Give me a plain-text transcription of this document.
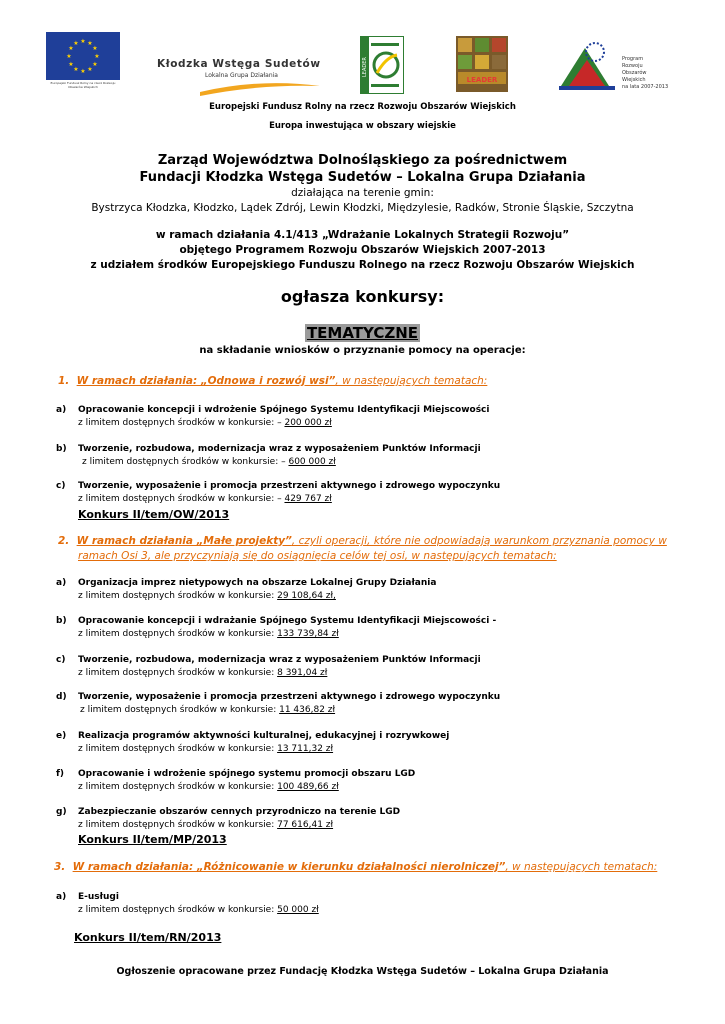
★ ★
★
★
★
★
★
★
★
★
★
★
Europejski Fundusz Rolny na rzecz Rozwoju Obszarów Wiejskich
Kłodzka Wstęga Sudetów
Lokalna Grupa Działania	LEADER
LEADER
Program
Rozwoju
Obszarów
Wiejskich
na lata 2007-2013
Europejski Fundusz Rolny na rzecz Rozwoju Obszarów Wiejskich
Europa inwestująca w obszary wiejskie
Zarząd Województwa Dolnośląskiego za pośrednictwem
Fundacji Kłodzka Wstęga Sudetów – Lokalna Grupa Działania
działająca na terenie gmin:
Bystrzyca Kłodzka, Kłodzko, Lądek Zdrój, Lewin Kłodzki, Międzylesie, Radków, Stronie Śląskie, Szczytna
w ramach działania 4.1/413 „Wdrażanie Lokalnych Strategii Rozwoju”
objętego Programem Rozwoju Obszarów Wiejskich 2007-2013
z udziałem środków Europejskiego Funduszu Rolnego na rzecz Rozwoju Obszarów Wiejskich
ogłasza konkursy:
TEMATYCZNE
na składanie wniosków o przyznanie pomocy na operacje:
1. W ramach działania: „Odnowa i rozwój wsi”, w następujących tematach:
a) Opracowanie koncepcji i wdrożenie Spójnego Systemu Identyfikacji Miejscowości
z limitem dostępnych środków w konkursie: – 200 000 zł
b) Tworzenie, rozbudowa, modernizacja wraz z wyposażeniem Punktów Informacji
z limitem dostępnych środków w konkursie: – 600 000 zł
c) Tworzenie, wyposażenie i promocja przestrzeni aktywnego i zdrowego wypoczynku
z limitem dostępnych środków w konkursie: – 429 767 zł
Konkurs II/tem/OW/2013
2. W ramach działania „Małe projekty”, czyli operacji, które nie odpowiadają warunkom przyznania pomocy w
ramach Osi 3, ale przyczyniają się do osiągnięcia celów tej osi, w następujących tematach:
a) Organizacja imprez nietypowych na obszarze Lokalnej Grupy Działania
z limitem dostępnych środków w konkursie: 29 108,64 zł,
b) Opracowanie koncepcji i wdrażanie Spójnego Systemu Identyfikacji Miejscowości -
z limitem dostępnych środków w konkursie: 133 739,84 zł
c) Tworzenie, rozbudowa, modernizacja wraz z wyposażeniem Punktów Informacji
z limitem dostępnych środków w konkursie: 8 391,04 zł
d) Tworzenie, wyposażenie i promocja przestrzeni aktywnego i zdrowego wypoczynku
z limitem dostępnych środków w konkursie: 11 436,82 zł
e) Realizacja programów aktywności kulturalnej, edukacyjnej i rozrywkowej
z limitem dostępnych środków w konkursie: 13 711,32 zł
f) Opracowanie i wdrożenie spójnego systemu promocji obszaru LGD
z limitem dostępnych środków w konkursie: 100 489,66 zł
g) Zabezpieczanie obszarów cennych przyrodniczo na terenie LGD
z limitem dostępnych środków w konkursie: 77 616,41 zł
Konkurs II/tem/MP/2013
3. W ramach działania: „Różnicowanie w kierunku działalności nierolniczej”, w następujących tematach:
a) E-usługi
z limitem dostępnych środków w konkursie: 50 000 zł
Konkurs II/tem/RN/2013
Ogłoszenie opracowane przez Fundację Kłodzka Wstęga Sudetów – Lokalna Grupa Działania
